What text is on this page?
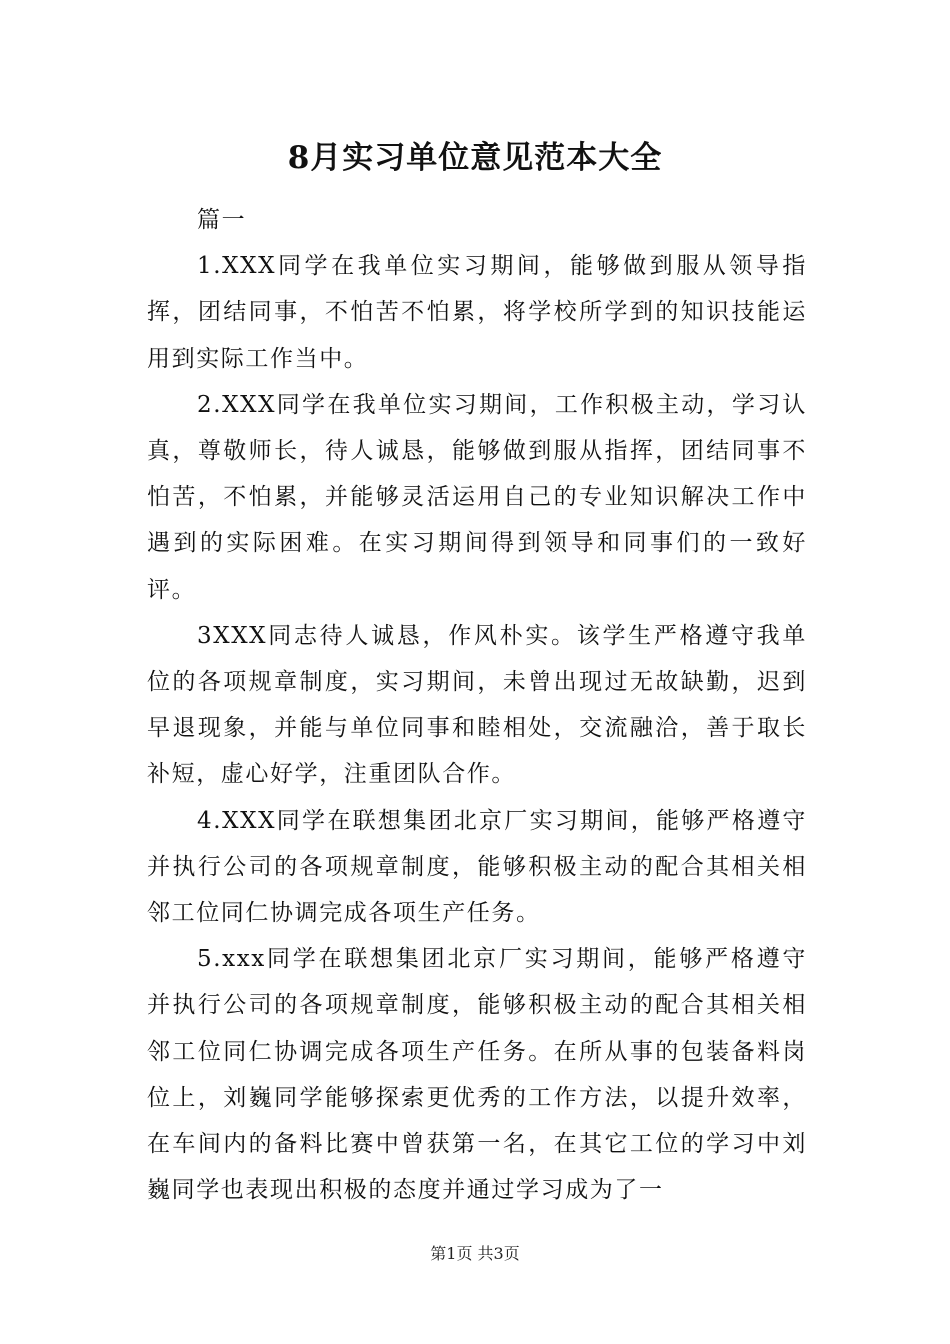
8月实习单位意见范本大全

篇一

1.XXX同学在我单位实习期间，能够做到服从领导指挥，团结同事，不怕苦不怕累，将学校所学到的知识技能运用到实际工作当中。

2.XXX同学在我单位实习期间，工作积极主动，学习认真，尊敬师长，待人诚恳，能够做到服从指挥，团结同事不怕苦，不怕累，并能够灵活运用自己的专业知识解决工作中遇到的实际困难。在实习期间得到领导和同事们的一致好评。

3XXX同志待人诚恳，作风朴实。该学生严格遵守我单位的各项规章制度，实习期间，未曾出现过无故缺勤，迟到早退现象，并能与单位同事和睦相处，交流融洽，善于取长补短，虚心好学，注重团队合作。

4.XXX同学在联想集团北京厂实习期间，能够严格遵守并执行公司的各项规章制度，能够积极主动的配合其相关相邻工位同仁协调完成各项生产任务。

5.xxx同学在联想集团北京厂实习期间，能够严格遵守并执行公司的各项规章制度，能够积极主动的配合其相关相邻工位同仁协调完成各项生产任务。在所从事的包装备料岗位上，刘巍同学能够探索更优秀的工作方法，以提升效率，在车间内的备料比赛中曾获第一名，在其它工位的学习中刘巍同学也表现出积极的态度并通过学习成为了一

第1页 共3页
